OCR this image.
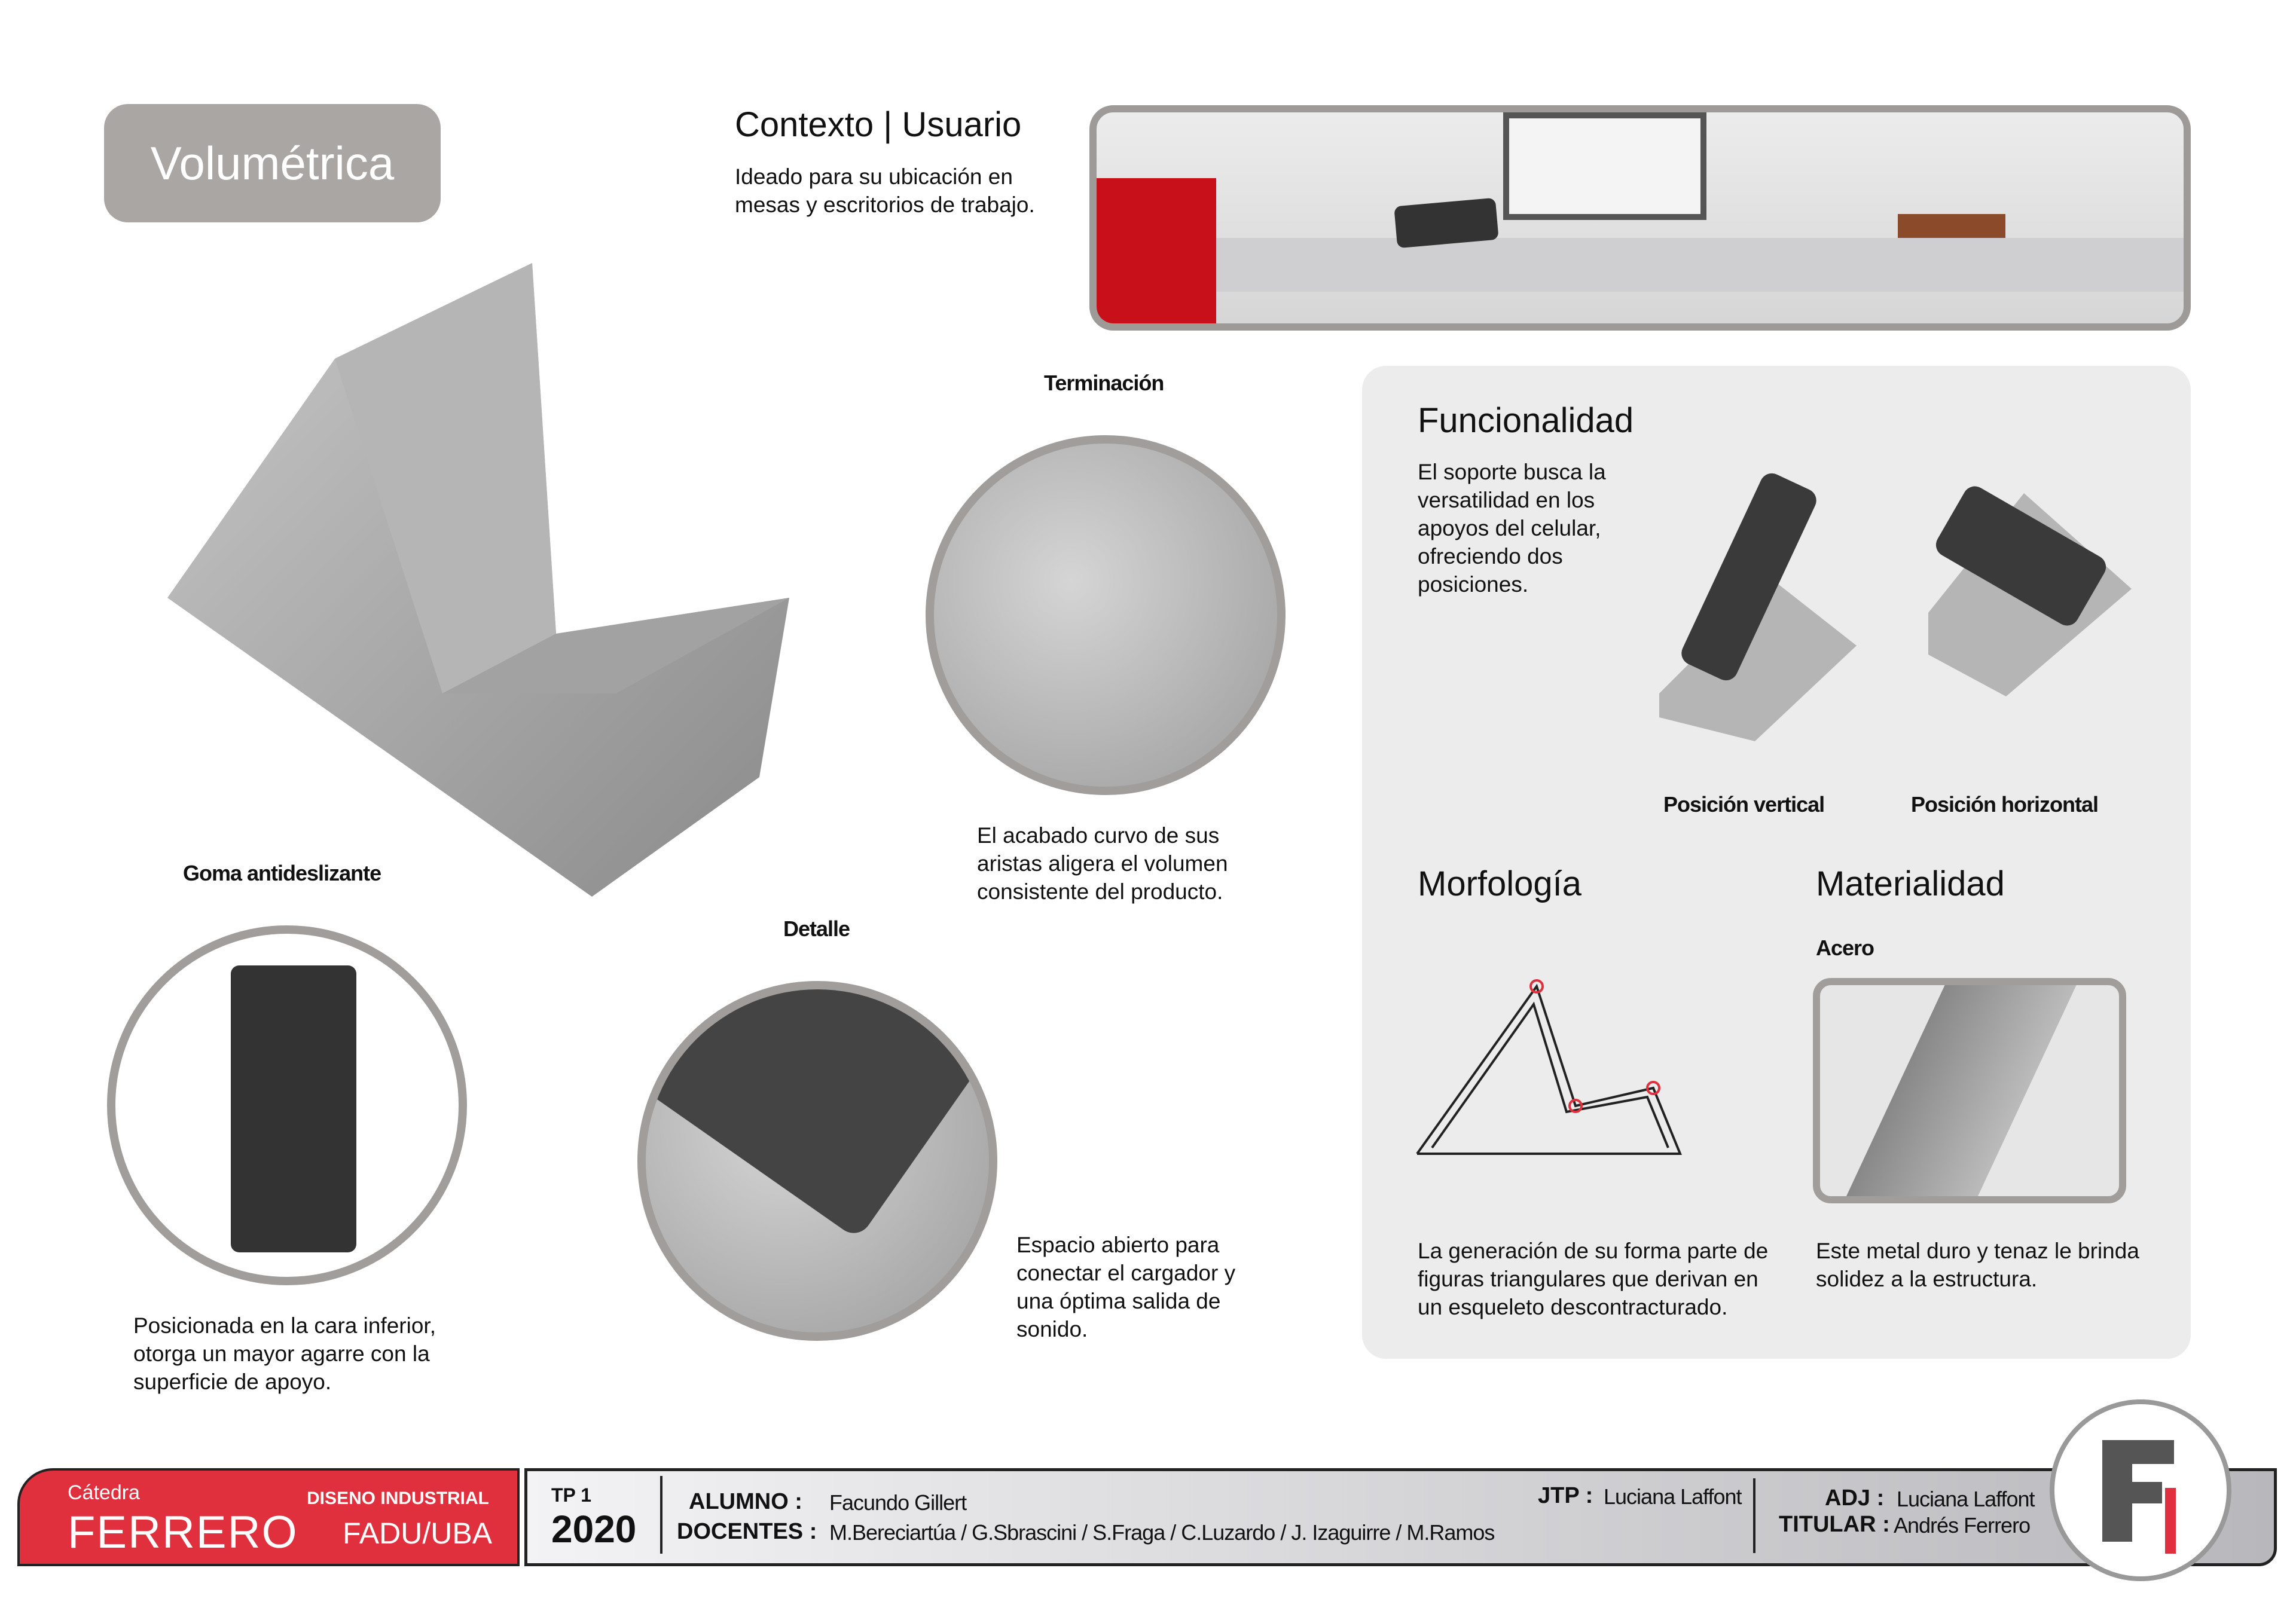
Volumétrica
Contexto | Usuario
Ideado para su ubicación en mesas y escritorios de trabajo.
Terminación
El acabado curvo de sus aristas aligera el volumen consistente del producto.
Goma antideslizante
Posicionada en la cara inferior, otorga un mayor agarre con la superficie de apoyo.
Detalle
Espacio abierto para conectar el cargador y una óptima salida de sonido.
Funcionalidad
El soporte busca la versatilidad en los apoyos del celular, ofreciendo dos posiciones.
Posición vertical	Posición horizontal
Morfología
La generación de su forma parte de figuras triangulares que derivan en un esqueleto descontracturado.
Materialidad
Acero
Este metal duro y tenaz le brinda solidez a la estructura.
Cátedra
FERRERO
DISENO INDUSTRIAL
FADU/UBA
TP 1
2020
ALUMNO : Facundo Gillert
DOCENTES : M.Bereciartúa / G.Sbrascini / S.Fraga / C.Luzardo / J. Izaguirre / M.Ramos
JTP : Luciana Laffont	ADJ : Luciana Laffont
TITULAR : Andrés Ferrero
